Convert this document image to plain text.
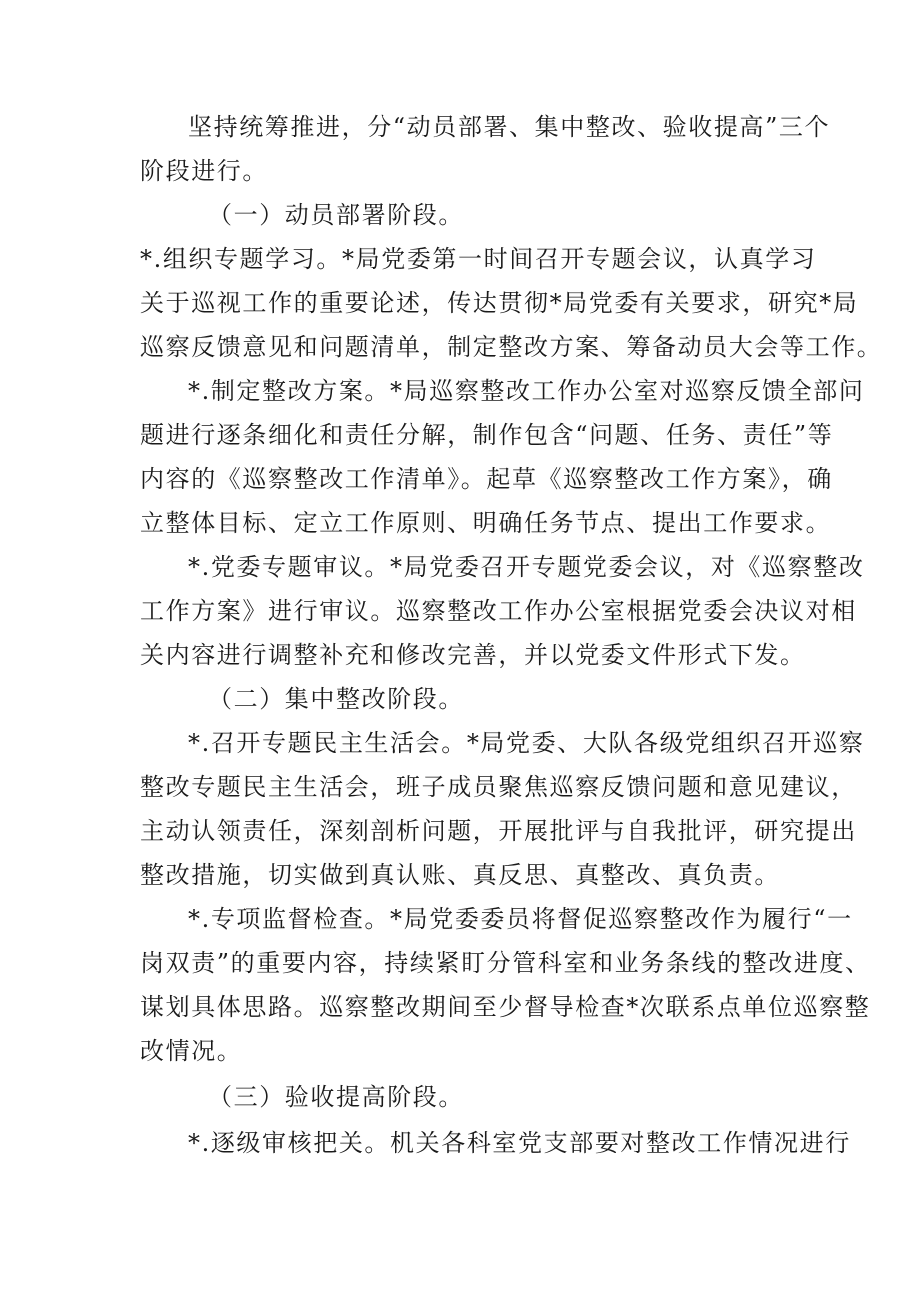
坚持统筹推进，分“动员部署、集中整改、验收提高”三个
阶段进行。
（一）动员部署阶段。
*.组织专题学习。*局党委第一时间召开专题会议，认真学习
关于巡视工作的重要论述，传达贯彻*局党委有关要求，研究*局
巡察反馈意见和问题清单，制定整改方案、筹备动员大会等工作。
*.制定整改方案。*局巡察整改工作办公室对巡察反馈全部问
题进行逐条细化和责任分解，制作包含“问题、任务、责任”等
内容的《巡察整改工作清单》。起草《巡察整改工作方案》，确
立整体目标、定立工作原则、明确任务节点、提出工作要求。
*.党委专题审议。*局党委召开专题党委会议，对《巡察整改
工作方案》进行审议。巡察整改工作办公室根据党委会决议对相
关内容进行调整补充和修改完善，并以党委文件形式下发。
（二）集中整改阶段。
*.召开专题民主生活会。*局党委、大队各级党组织召开巡察
整改专题民主生活会，班子成员聚焦巡察反馈问题和意见建议，
主动认领责任，深刻剖析问题，开展批评与自我批评，研究提出
整改措施，切实做到真认账、真反思、真整改、真负责。
*.专项监督检查。*局党委委员将督促巡察整改作为履行“一
岗双责”的重要内容，持续紧盯分管科室和业务条线的整改进度、
谋划具体思路。巡察整改期间至少督导检查*次联系点单位巡察整
改情况。
（三）验收提高阶段。
*.逐级审核把关。机关各科室党支部要对整改工作情况进行
